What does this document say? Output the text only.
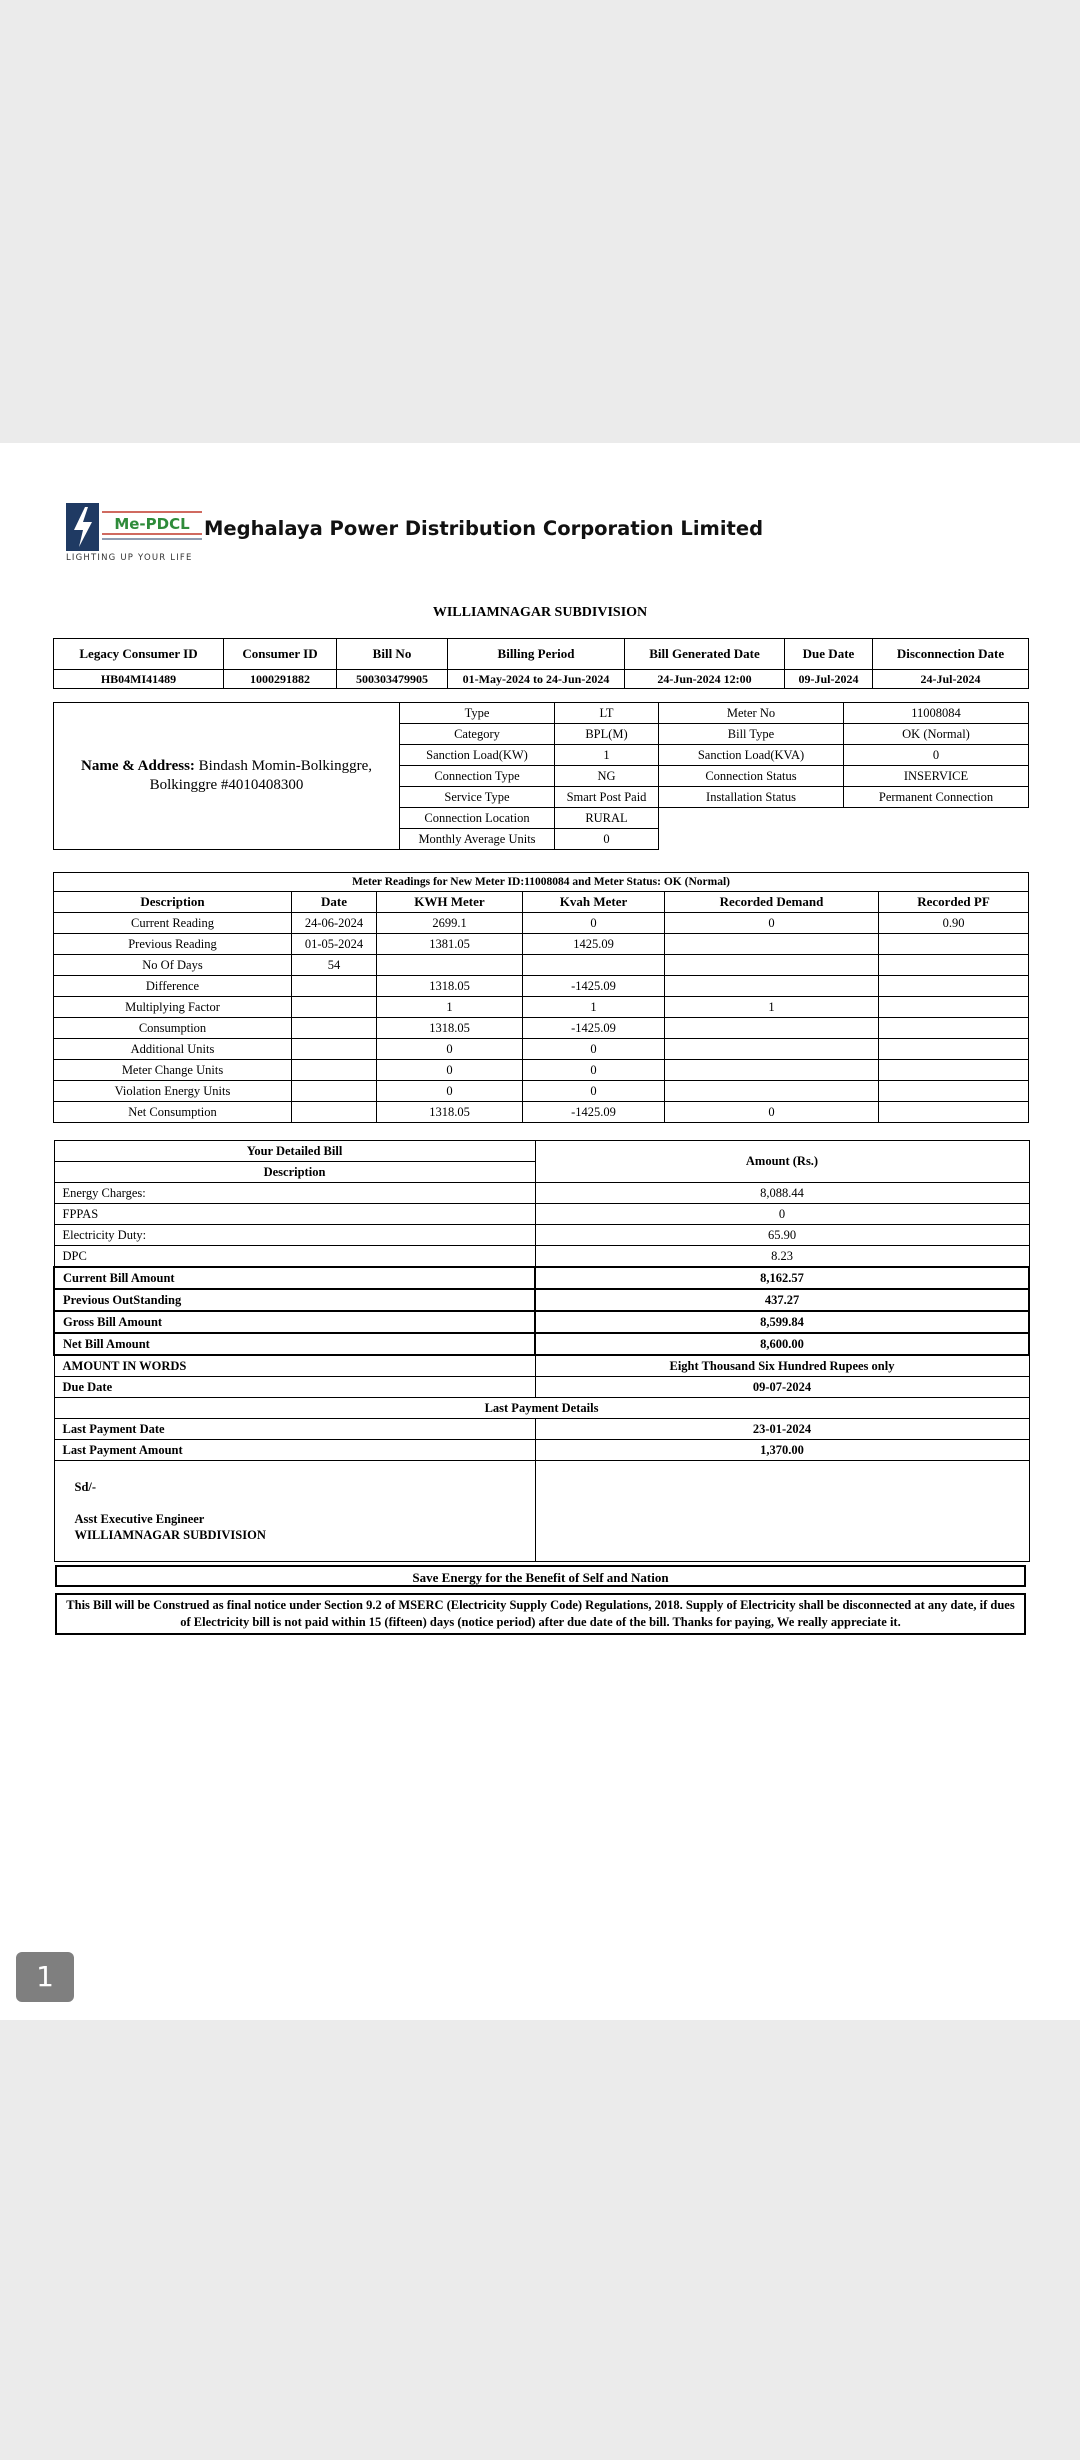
Me-PDCL Meghalaya Power Distribution Corporation Limited
LIGHTING UP YOUR LIFE
WILLIAMNAGAR SUBDIVISION
Legacy Consumer ID	Consumer ID	Bill No	Billing Period	Bill Generated Date	Due Date	Disconnection Date
HB04MI41489	1000291882	500303479905	01-May-2024 to 24-Jun-2024	24-Jun-2024 12:00	09-Jul-2024	24-Jul-2024
Name & Address: Bindash Momin-Bolkinggre, Bolkinggre #4010408300	Type	LT	Meter No	11008084
	Category	BPL(M)	Bill Type	OK (Normal)
	Sanction Load(KW)	1	Sanction Load(KVA)	0
	Connection Type	NG	Connection Status	INSERVICE
	Service Type	Smart Post Paid	Installation Status	Permanent Connection
	Connection Location	RURAL		
	Monthly Average Units	0		
Meter Readings for New Meter ID:11008084 and Meter Status: OK (Normal)					
Description	Date	KWH Meter	Kvah Meter	Recorded Demand	Recorded PF
Current Reading	24-06-2024	2699.1	0	0	0.90
Previous Reading	01-05-2024	1381.05	1425.09		
No Of Days	54				
Difference		1318.05	-1425.09		
Multiplying Factor		1	1	1	
Consumption		1318.05	-1425.09		
Additional Units		0	0		
Meter Change Units		0	0		
Violation Energy Units		0	0		
Net Consumption		1318.05	-1425.09	0	
Your Detailed Bill	Amount (Rs.)
Description	
Energy Charges:	8,088.44
FPPAS	0
Electricity Duty:	65.90
DPC	8.23
Current Bill Amount	8,162.57
Previous OutStanding	437.27
Gross Bill Amount	8,599.84
Net Bill Amount	8,600.00
AMOUNT IN WORDS	Eight Thousand Six Hundred Rupees only
Due Date	09-07-2024
Last Payment Details	
Last Payment Date	23-01-2024
Last Payment Amount	1,370.00

Sd/-
Asst Executive Engineer
WILLIAMNAGAR SUBDIVISION	

Save Energy for the Benefit of Self and Nation
This Bill will be Construed as final notice under Section 9.2 of MSERC (Electricity Supply Code) Regulations, 2018. Supply of Electricity shall be disconnected at any date, if dues of Electricity bill is not paid within 15 (fifteen) days (notice period) after due date of the bill. Thanks for paying, We really appreciate it.
1
